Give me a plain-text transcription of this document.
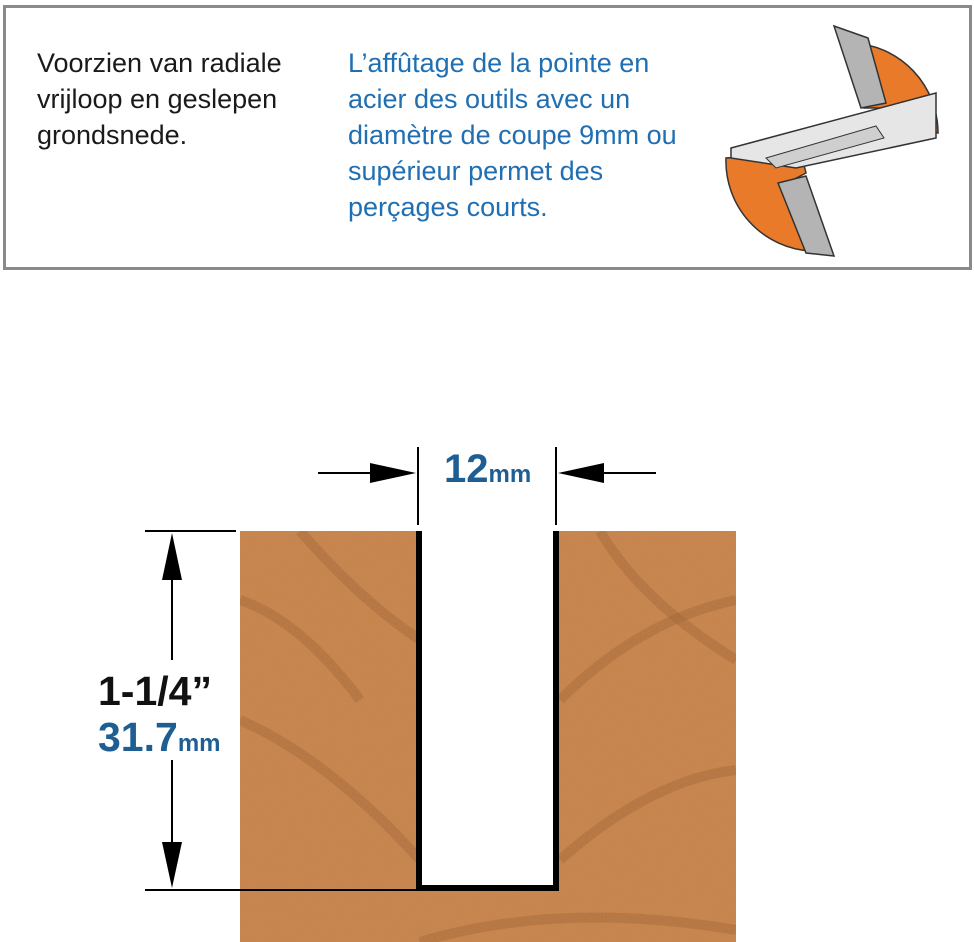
Voorzien van radiale vrijloop en geslepen grondsnede.
L’affûtage de la pointe en acier des outils avec un diamètre de coupe 9mm ou supérieur permet des perçages courts.
12mm
1-1/4”
31.7mm
